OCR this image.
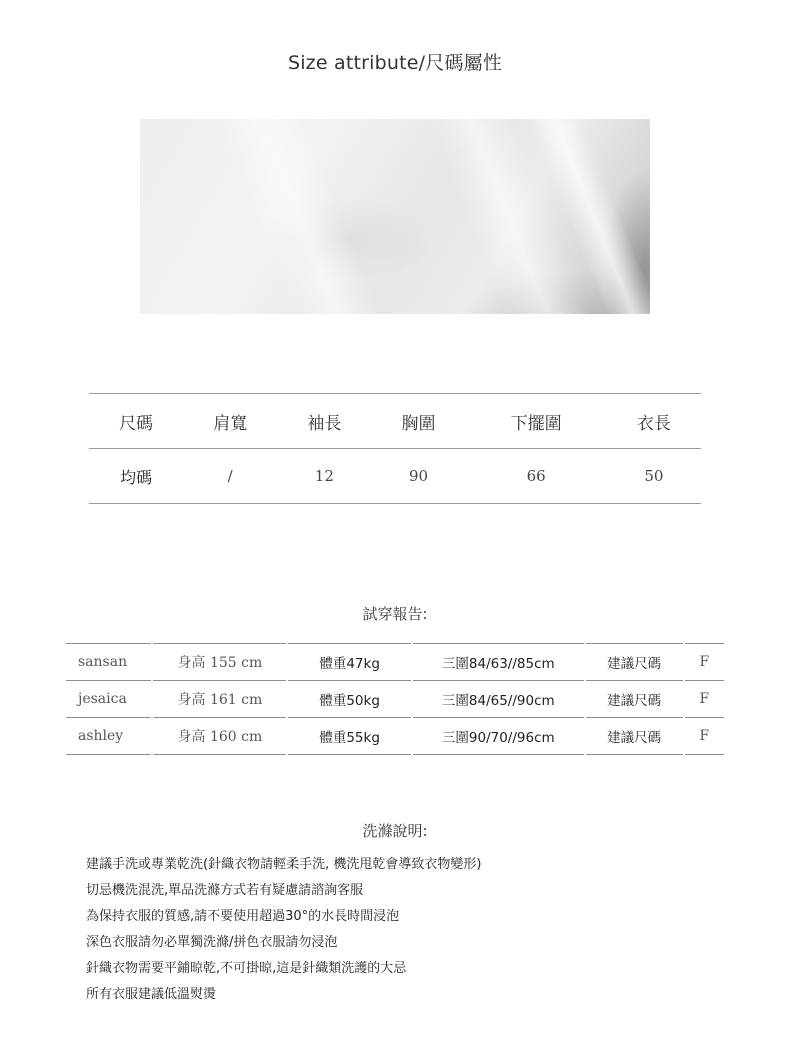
Size attribute/尺碼屬性
尺碼	肩寬	袖長	胸圍	下擺圍	衣長
均碼	/	12	90	66	50
試穿報告:
sansan	身高 155 cm	體重47kg	三圍84/63//85cm	建議尺碼	F
jesaica	身高 161 cm	體重50kg	三圍84/65//90cm	建議尺碼	F
ashley	身高 160 cm	體重55kg	三圍90/70//96cm	建議尺碼	F
洗滌說明:
建議手洗或專業乾洗(針織衣物請輕柔手洗, 機洗甩乾會導致衣物變形)
切忌機洗混洗,單品洗滌方式若有疑慮請諮詢客服
為保持衣服的質感,請不要使用超過30°的水長時間浸泡
深色衣服請勿必單獨洗滌/拼色衣服請勿浸泡
針織衣物需要平鋪晾乾,不可掛晾,這是針織類洗護的大忌
所有衣服建議低溫熨燙
